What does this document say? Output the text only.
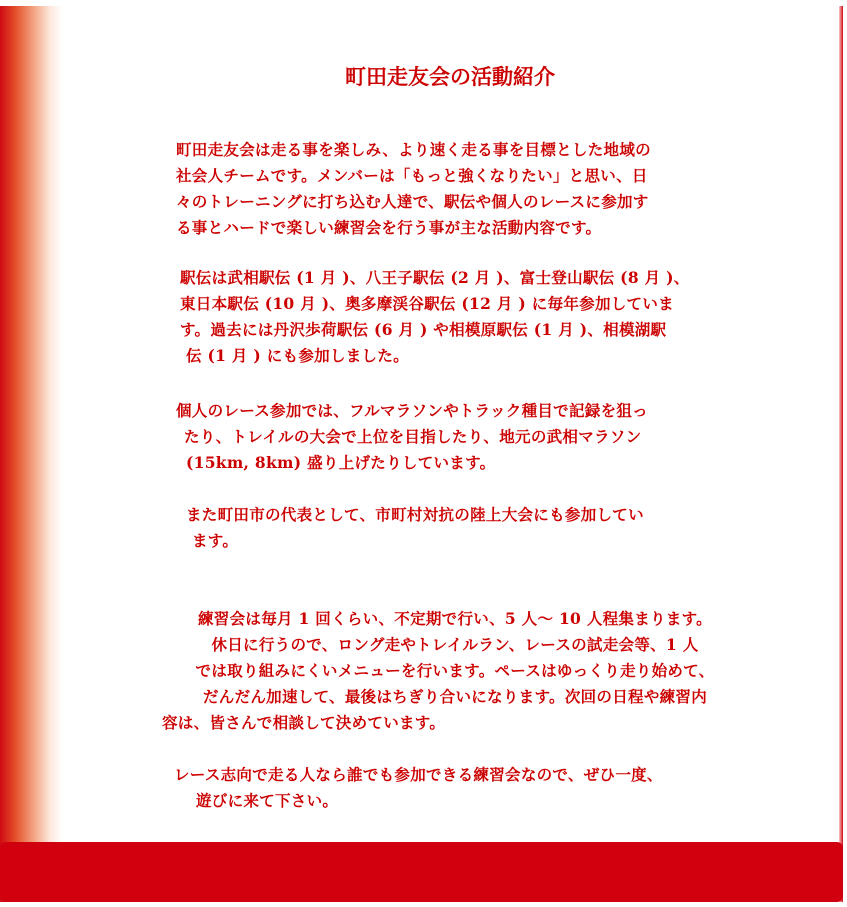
町田走友会の活動紹介
町田走友会は走る事を楽しみ、より速く走る事を目標とした地域の
社会人チームです。メンバーは「もっと強くなりたい」と思い、日
々のトレーニングに打ち込む人達で、駅伝や個人のレースに参加す
る事とハードで楽しい練習会を行う事が主な活動内容です。
駅伝は武相駅伝 (1 月 )、八王子駅伝 (2 月 )、富士登山駅伝 (8 月 )、
東日本駅伝 (10 月 )、奥多摩渓谷駅伝 (12 月 ) に毎年参加していま
す。過去には丹沢歩荷駅伝 (6 月 ) や相模原駅伝 (1 月 )、相模湖駅
伝 (1 月 ) にも参加しました。
個人のレース参加では、フルマラソンやトラック種目で記録を狙っ
たり、トレイルの大会で上位を目指したり、地元の武相マラソン
(15km, 8km) 盛り上げたりしています。
また町田市の代表として、市町村対抗の陸上大会にも参加してい
ます。
練習会は毎月 1 回くらい、不定期で行い、5 人～ 10 人程集まります。
休日に行うので、ロング走やトレイルラン、レースの試走会等、1 人
では取り組みにくいメニューを行います。ペースはゆっくり走り始めて、
だんだん加速して、最後はちぎり合いになります。次回の日程や練習内
容は、皆さんで相談して決めています。
レース志向で走る人なら誰でも参加できる練習会なので、ぜひ一度、
遊びに来て下さい。
